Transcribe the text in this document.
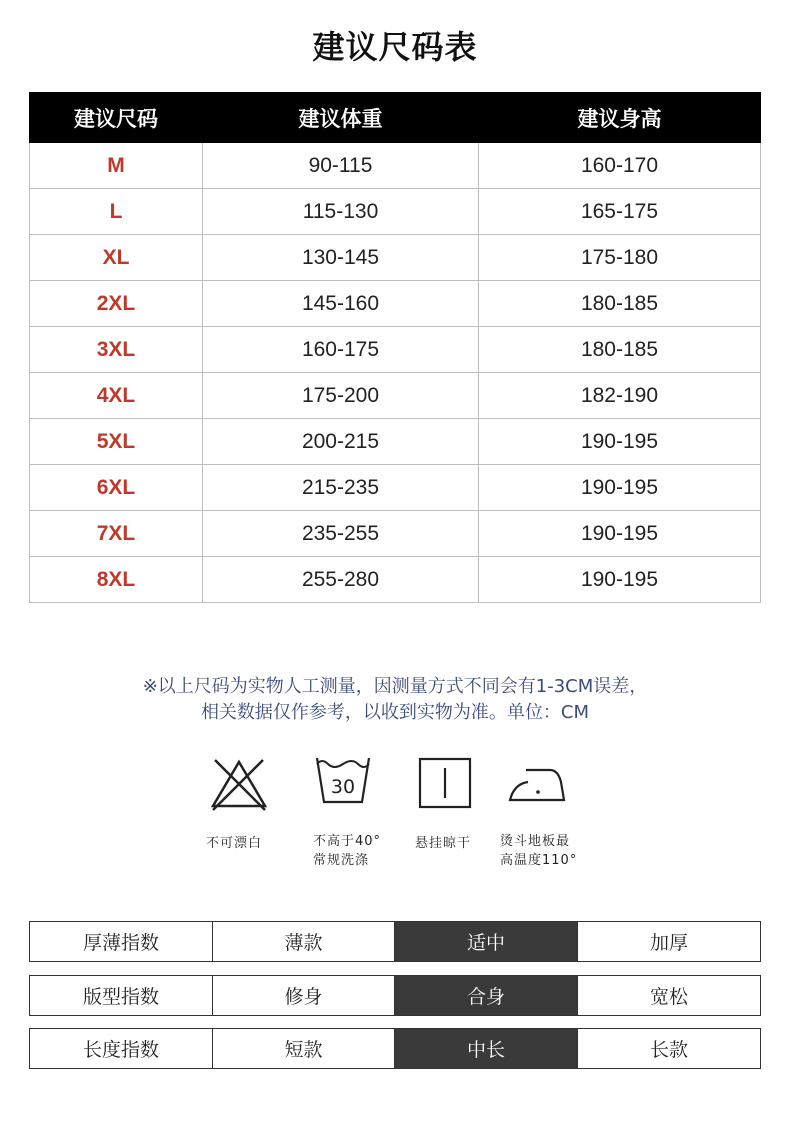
建议尺码表
建议尺码	建议体重	建议身高
M	90-115	160-170
L	115-130	165-175
XL	130-145	175-180
2XL	145-160	180-185
3XL	160-175	180-185
4XL	175-200	182-190
5XL	200-215	190-195
6XL	215-235	190-195
7XL	235-255	190-195
8XL	255-280	190-195
※以上尺码为实物人工测量，因测量方式不同会有1-3CM误差，
相关数据仅作参考，以收到实物为准。单位：CM
30
不可漂白	不高于40°
常规洗涤
悬挂晾干 烫斗地板最
高温度110°
厚薄指数	薄款	适中	加厚
版型指数	修身	合身	宽松
长度指数	短款	中长	长款
